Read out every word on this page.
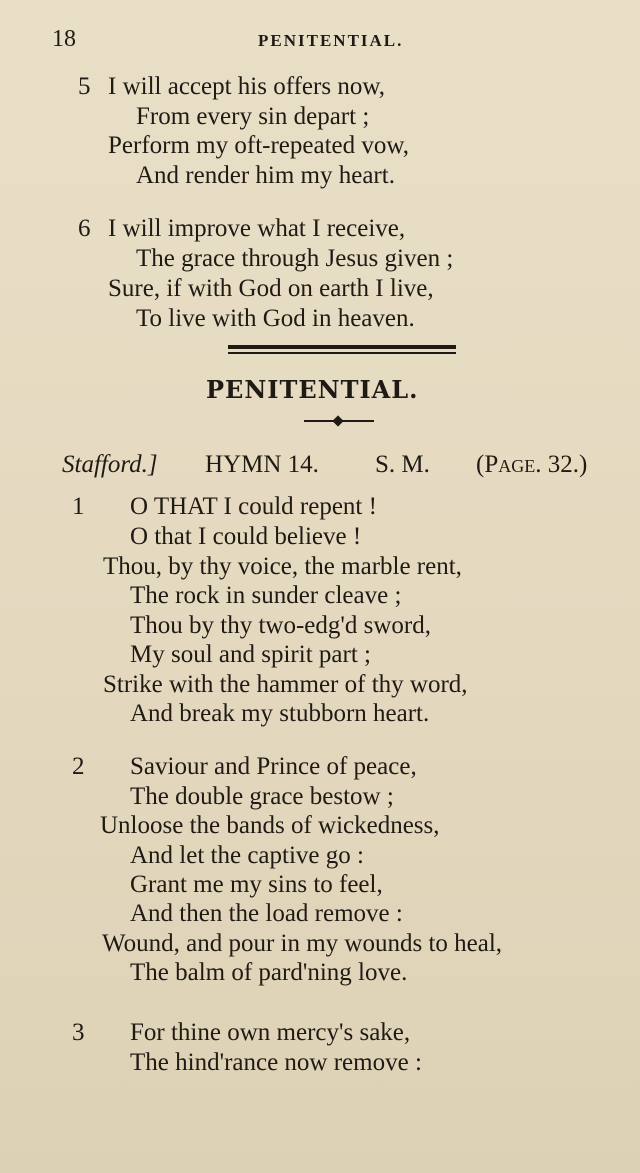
18	PENITENTIAL.
5 I will accept his offers now,
From every sin depart ;
Perform my oft-repeated vow,
And render him my heart.
6 I will improve what I receive,
The grace through Jesus given ;
Sure, if with God on earth I live,
To live with God in heaven.
PENITENTIAL.
Stafford.] HYMN 14. S. M. (Page. 32.)
1 O THAT I could repent !
O that I could believe !
Thou, by thy voice, the marble rent,
The rock in sunder cleave ;
Thou by thy two-edg'd sword,
My soul and spirit part ;
Strike with the hammer of thy word,
And break my stubborn heart.
2 Saviour and Prince of peace,
The double grace bestow ;
Unloose the bands of wickedness,
And let the captive go :
Grant me my sins to feel,
And then the load remove :
Wound, and pour in my wounds to heal,
The balm of pard'ning love.
3 For thine own mercy's sake,
The hind'rance now remove :
